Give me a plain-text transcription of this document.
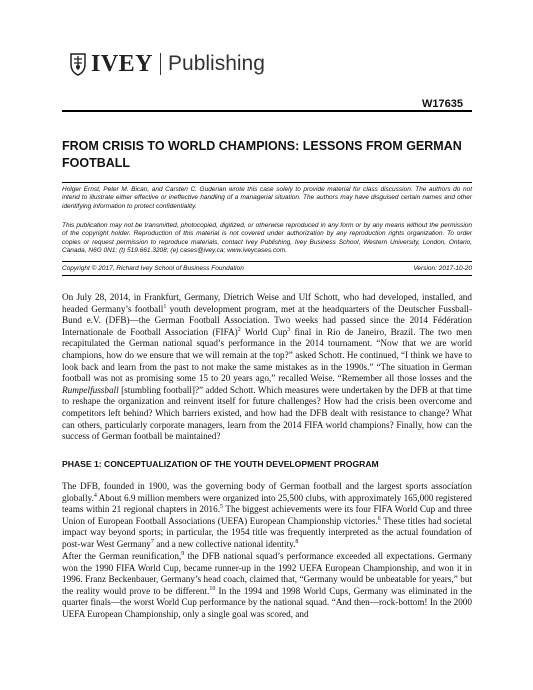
IVEY Publishing
W17635
FROM CRISIS TO WORLD CHAMPIONS: LESSONS FROM GERMAN FOOTBALL

Holger Ernst, Peter M. Bican, and Carsten C. Guderian wrote this case solely to provide material for class discussion. The authors do not intend to illustrate either effective or ineffective handling of a managerial situation. The authors may have disguised certain names and other identifying information to protect confidentiality.

This publication may not be transmitted, photocopied, digitized, or otherwise reproduced in any form or by any means without the permission of the copyright holder. Reproduction of this material is not covered under authorization by any reproduction rights organization. To order copies or request permission to reproduce materials, contact Ivey Publishing, Ivey Business School, Western University, London, Ontario, Canada, N6G 0N1; (t) 519.661.3208; (e) cases@ivey.ca; www.iveycases.com.

Copyright © 2017, Richard Ivey School of Business Foundation	Version: 2017-10-20

On July 28, 2014, in Frankfurt, Germany, Dietrich Weise and Ulf Schott, who had developed, installed, and headed Germany’s football$^1$ youth development program, met at the headquarters of the Deutscher Fussball-Bund e.V. (DFB)—the German Football Association. Two weeks had passed since the 2014 Fédération Internationale de Football Association (FIFA)$^2$ World Cup$^3$ final in Rio de Janeiro, Brazil. The two men recapitulated the German national squad’s performance in the 2014 tournament. “Now that we are world champions, how do we ensure that we will remain at the top?” asked Schott. He continued, “I think we have to look back and learn from the past to not make the same mistakes as in the 1990s.” “The situation in German football was not as promising some 15 to 20 years ago,” recalled Weise. “Remember all those losses and the Rumpelfussball [stumbling football]?” added Schott. Which measures were undertaken by the DFB at that time to reshape the organization and reinvent itself for future challenges? How had the crisis been overcome and competitors left behind? Which barriers existed, and how had the DFB dealt with resistance to change? What can others, particularly corporate managers, learn from the 2014 FIFA world champions? Finally, how can the success of German football be maintained?

PHASE 1: CONCEPTUALIZATION OF THE YOUTH DEVELOPMENT PROGRAM

The DFB, founded in 1900, was the governing body of German football and the largest sports association globally.$^4$ About 6.9 million members were organized into 25,500 clubs, with approximately 165,000 registered teams within 21 regional chapters in 2016.$^5$ The biggest achievements were its four FIFA World Cup and three Union of European Football Associations (UEFA) European Championship victories.$^6$ These titles had societal impact way beyond sports; in particular, the 1954 title was frequently interpreted as the actual foundation of post-war West Germany$^7$ and a new collective national identity.$^8$

After the German reunification,$^9$ the DFB national squad’s performance exceeded all expectations. Germany won the 1990 FIFA World Cup, became runner-up in the 1992 UEFA European Championship, and won it in 1996. Franz Beckenbauer, Germany’s head coach, claimed that, “Germany would be unbeatable for years,” but the reality would prove to be different.$^{10}$ In the 1994 and 1998 World Cups, Germany was eliminated in the quarter finals—the worst World Cup performance by the national squad. “And then—rock-bottom! In the 2000 UEFA European Championship, only a single goal was scored, and
